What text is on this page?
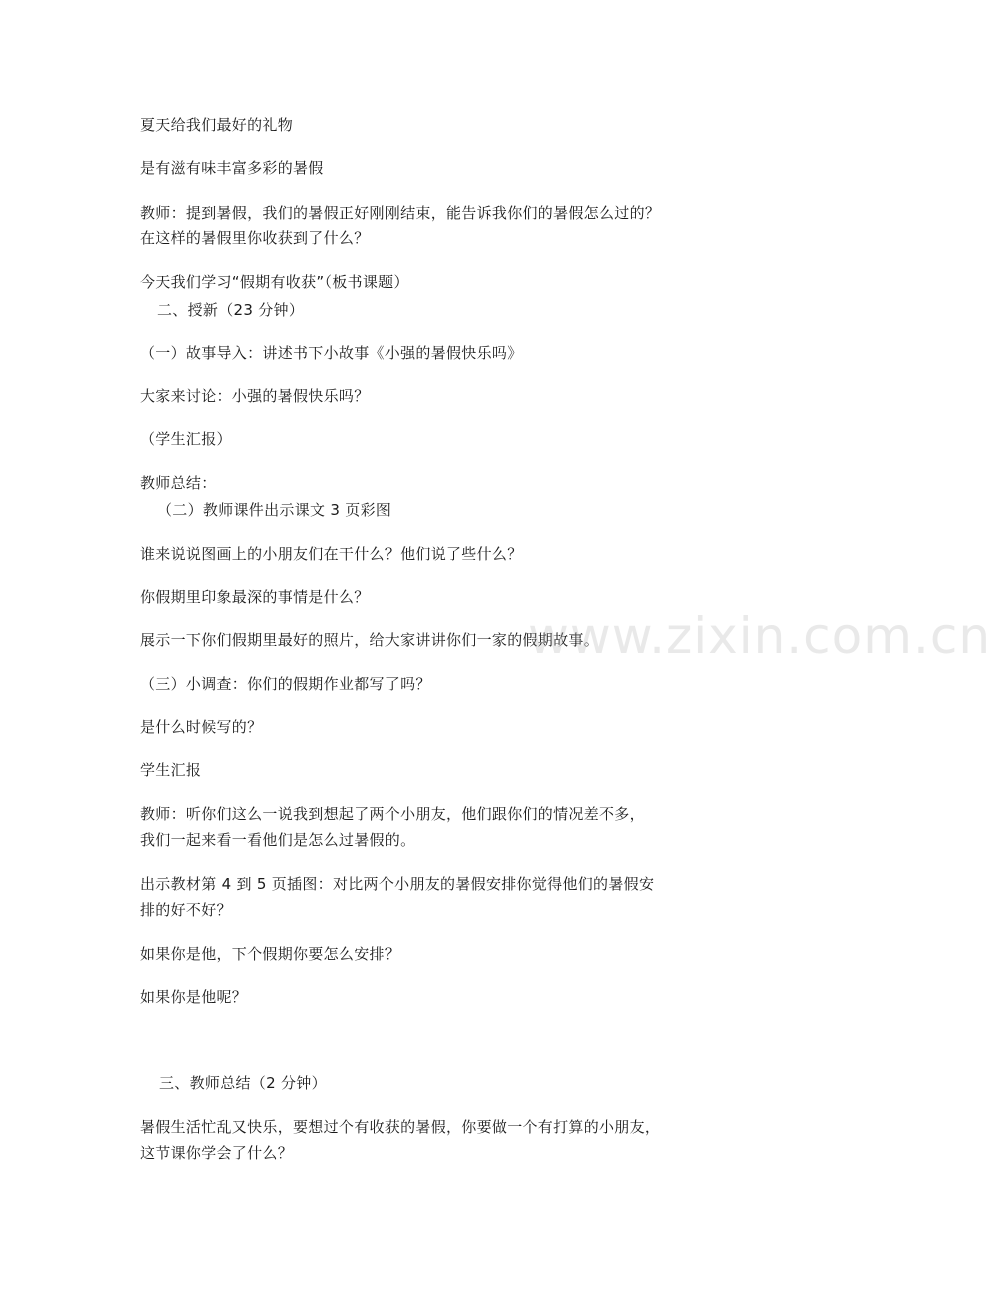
夏天给我们最好的礼物
是有滋有味丰富多彩的暑假
教师：提到暑假，我们的暑假正好刚刚结束，能告诉我你们的暑假怎么过的？
在这样的暑假里你收获到了什么？
今天我们学习“假期有收获”（板书课题）
二、授新（23 分钟）
（一）故事导入：讲述书下小故事《小强的暑假快乐吗》
大家来讨论：小强的暑假快乐吗？
（学生汇报）
教师总结：
（二）教师课件出示课文 3 页彩图
谁来说说图画上的小朋友们在干什么？他们说了些什么？
你假期里印象最深的事情是什么？
展示一下你们假期里最好的照片，给大家讲讲你们一家的假期故事。
（三）小调查：你们的假期作业都写了吗？
是什么时候写的？
学生汇报
教师：听你们这么一说我到想起了两个小朋友，他们跟你们的情况差不多，
我们一起来看一看他们是怎么过暑假的。
出示教材第 4 到 5 页插图：对比两个小朋友的暑假安排你觉得他们的暑假安
排的好不好？
如果你是他，下个假期你要怎么安排？
如果你是他呢？
三、教师总结（2 分钟）
暑假生活忙乱又快乐，要想过个有收获的暑假，你要做一个有打算的小朋友，
这节课你学会了什么？
www.zixin.com.cn
